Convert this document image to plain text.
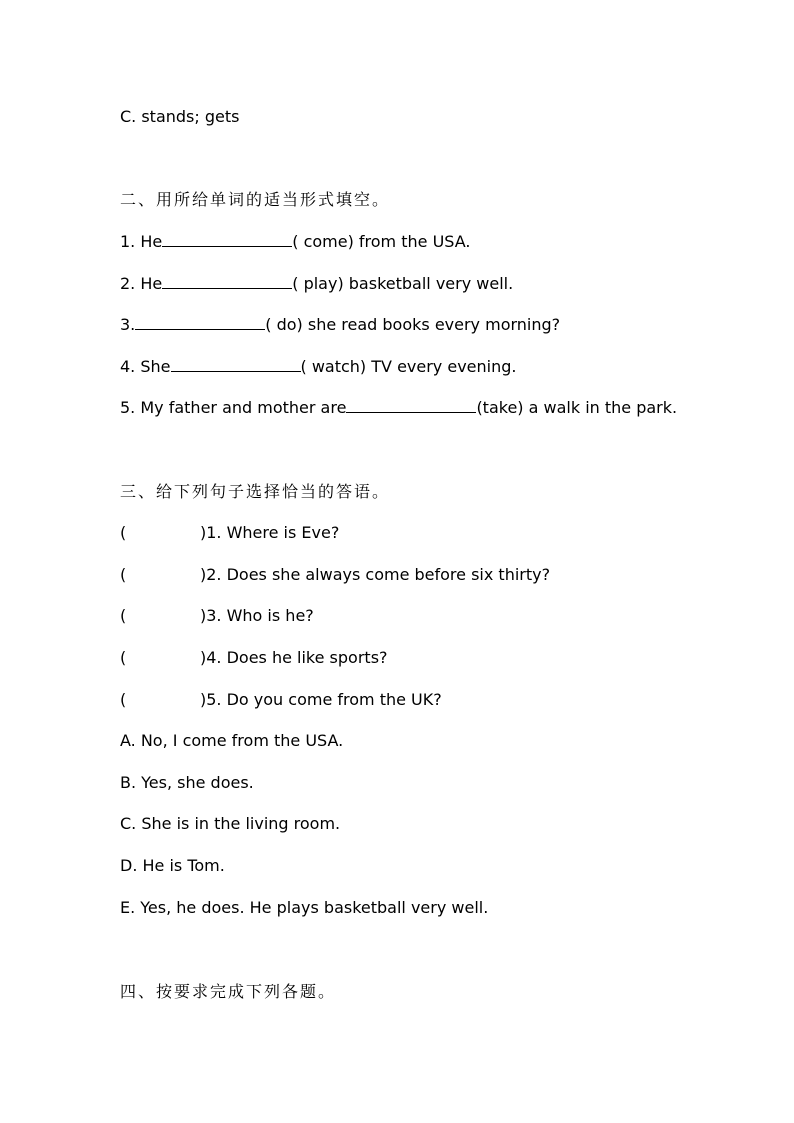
C. stands; gets
二、用所给单词的适当形式填空。
1. He	( come) from the USA.
2. He	( play) basketball very well.
3.	( do) she read books every morning?
4. She	( watch) TV every evening.
5. My father and mother are	(take) a walk in the park.
三、给下列句子选择恰当的答语。
(	)1. Where is Eve?
(	)2. Does she always come before six thirty?
(	)3. Who is he?
(	)4. Does he like sports?
(	)5. Do you come from the UK?
A. No, I come from the USA.
B. Yes, she does.
C. She is in the living room.
D. He is Tom.
E. Yes, he does. He plays basketball very well.
四、按要求完成下列各题。
